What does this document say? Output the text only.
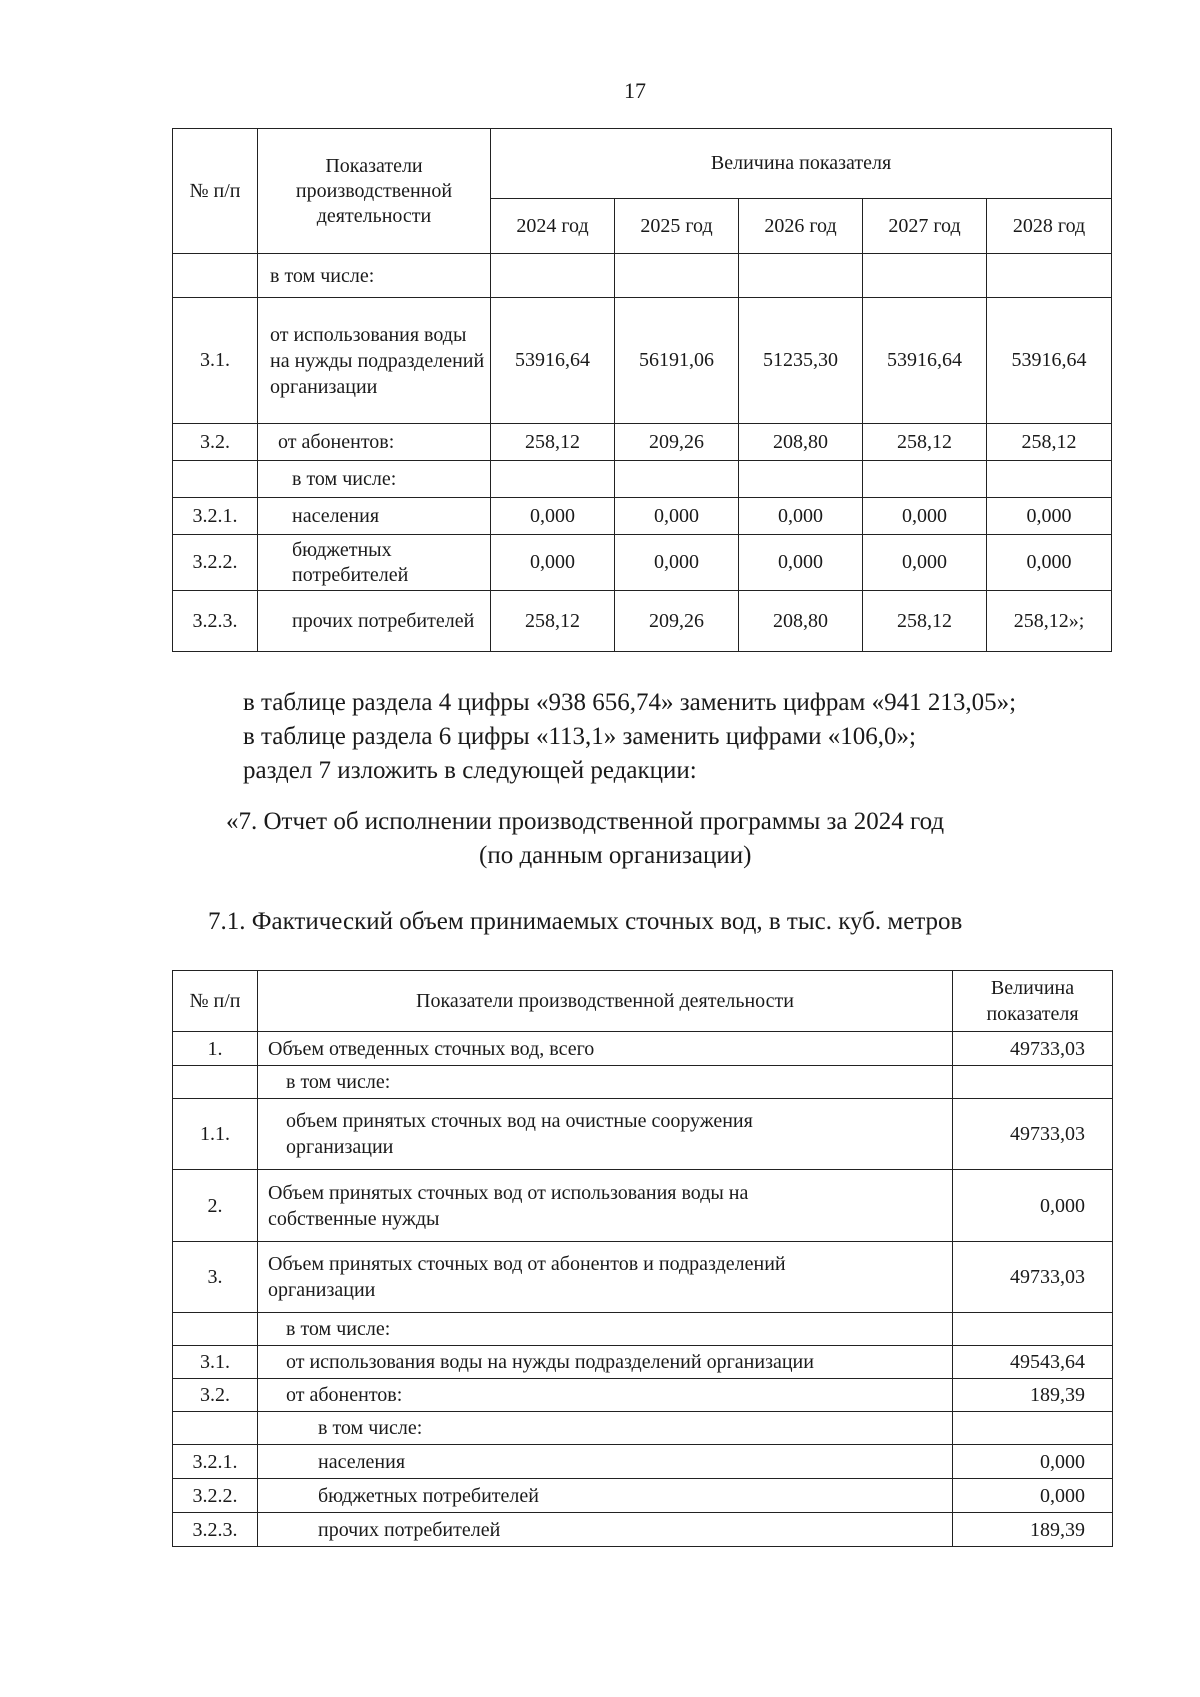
17
№ п/п	Показатели производственной деятельности	Величина показателя				
		2024 год	2025 год	2026 год	2027 год	2028 год
	в том числе:					
3.1.	от использования воды на нужды подразделений организации	53916,64	56191,06	51235,30	53916,64	53916,64
3.2.	от абонентов:	258,12	209,26	208,80	258,12	258,12
	в том числе:					
3.2.1.	населения	0,000	0,000	0,000	0,000	0,000
3.2.2.	бюджетных потребителей	0,000	0,000	0,000	0,000	0,000
3.2.3.	прочих потребителей	258,12	209,26	208,80	258,12	258,12»;
в таблице раздела 4 цифры «938 656,74» заменить цифрам «941 213,05»;
в таблице раздела 6 цифры «113,1» заменить цифрами «106,0»;
раздел 7 изложить в следующей редакции:
«7. Отчет об исполнении производственной программы за 2024 год
(по данным организации)
7.1. Фактический объем принимаемых сточных вод, в тыс. куб. метров
№ п/п	Показатели производственной деятельности	Величина показателя
1.	Объем отведенных сточных вод, всего	49733,03
	в том числе:	
1.1.	объем принятых сточных вод на очистные сооружения организации	49733,03
2.	Объем принятых сточных вод от использования воды на собственные нужды	0,000
3.	Объем принятых сточных вод от абонентов и подразделений организации	49733,03
	в том числе:	
3.1.	от использования воды на нужды подразделений организации	49543,64
3.2.	от абонентов:	189,39
	в том числе:	
3.2.1.	населения	0,000
3.2.2.	бюджетных потребителей	0,000
3.2.3.	прочих потребителей	189,39
